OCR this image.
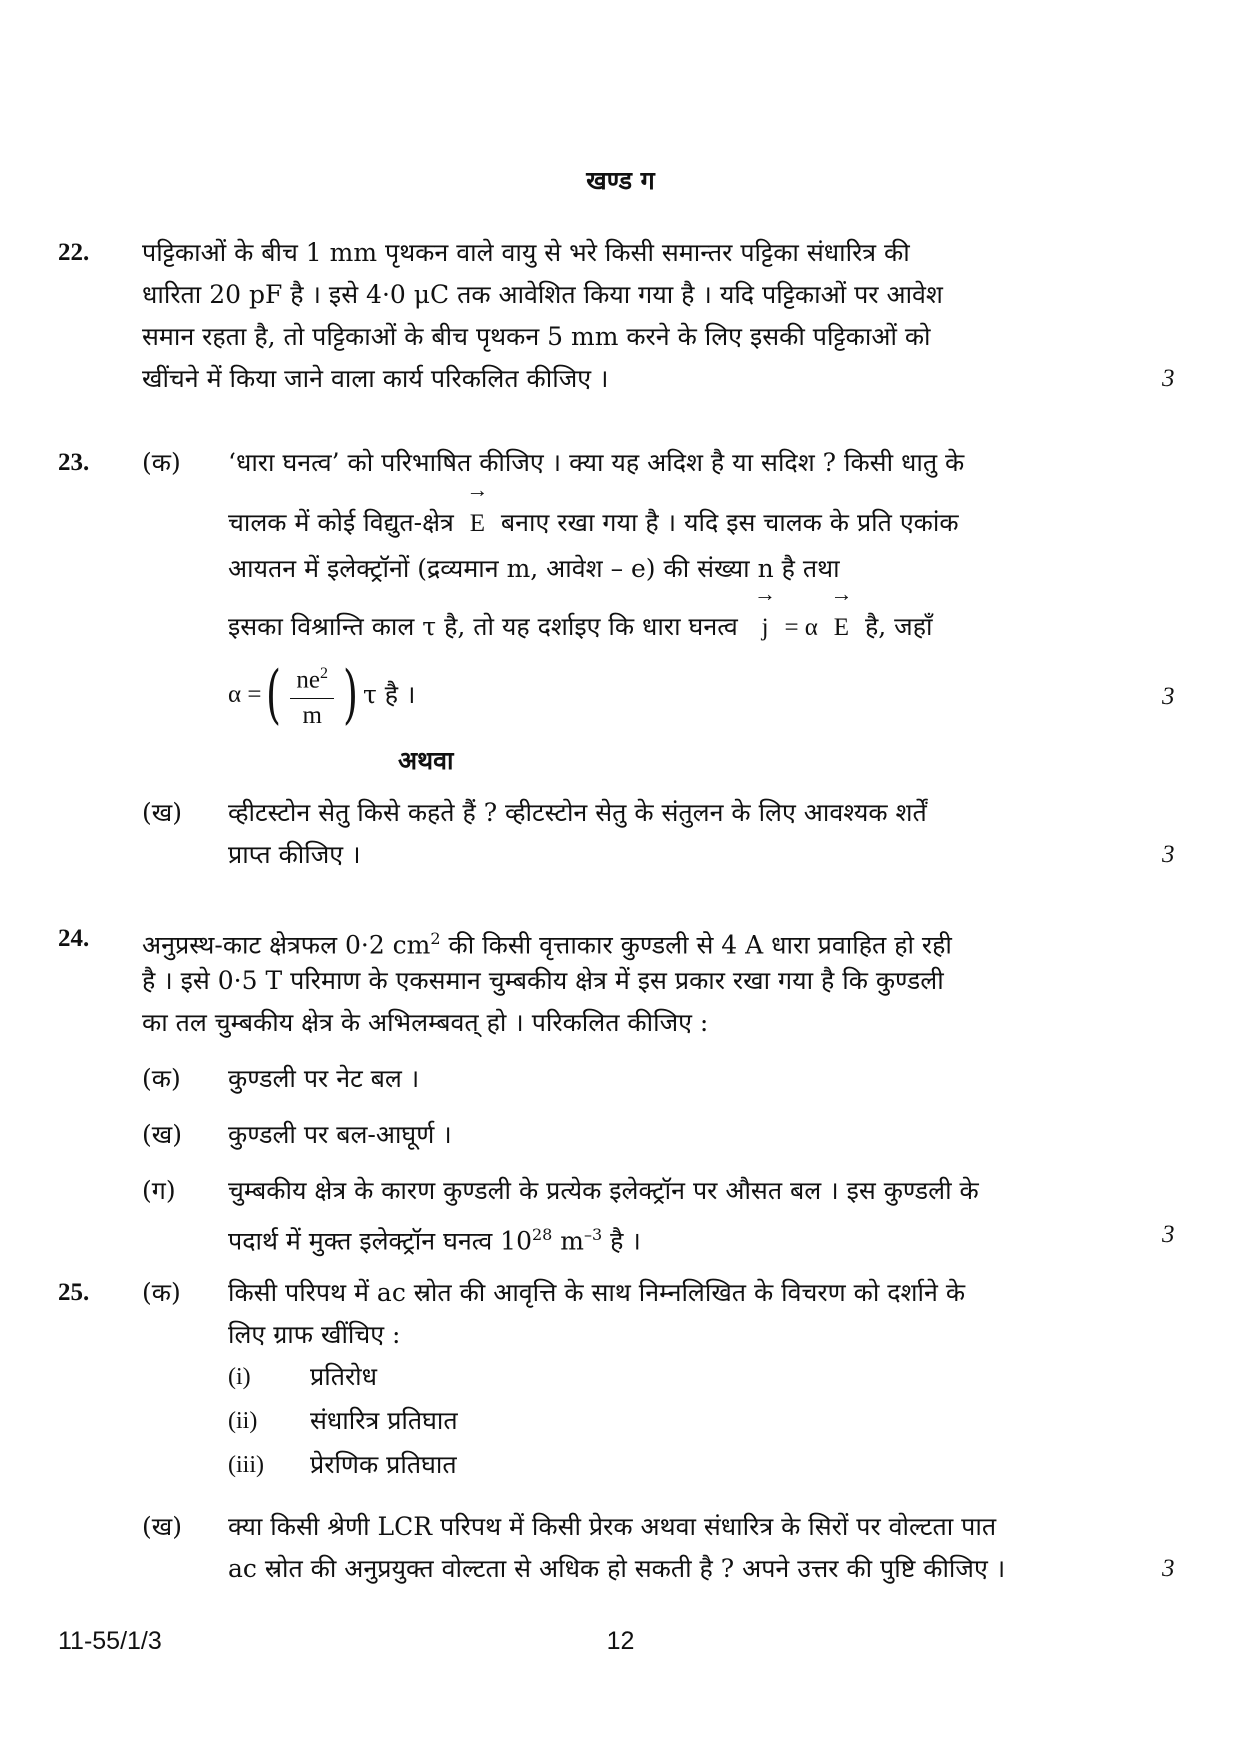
खण्ड ग
22. पट्टिकाओं के बीच 1 mm पृथकन वाले वायु से भरे किसी समान्तर पट्टिका संधारित्र की
धारिता 20 pF है । इसे 4·0 μC तक आवेशित किया गया है । यदि पट्टिकाओं पर आवेश
समान रहता है, तो पट्टिकाओं के बीच पृथकन 5 mm करने के लिए इसकी पट्टिकाओं को
खींचने में किया जाने वाला कार्य परिकलित कीजिए ।	3
23. (क) ‘धारा घनत्व’ को परिभाषित कीजिए । क्या यह अदिश है या सदिश ? किसी धातु के
चालक में कोई विद्युत-क्षेत्र → E बनाए रखा गया है । यदि इस चालक के प्रति एकांक
आयतन में इलेक्ट्रॉनों (द्रव्यमान m, आवेश – e) की संख्या n है तथा
इसका विश्रान्ति काल τ है, तो यह दर्शाइए कि धारा घनत्व → j = α → E है, जहाँ
α = ( $\frac{ne^2}{m}$ ) τ है ।	3
अथवा
(ख) व्हीटस्टोन सेतु किसे कहते हैं ? व्हीटस्टोन सेतु के संतुलन के लिए आवश्यक शर्तें
प्राप्त कीजिए ।	3
24. अनुप्रस्थ-काट क्षेत्रफल 0·2 $cm^2$ की किसी वृत्ताकार कुण्डली से 4 A धारा प्रवाहित हो रही
है । इसे 0·5 T परिमाण के एकसमान चुम्बकीय क्षेत्र में इस प्रकार रखा गया है कि कुण्डली
का तल चुम्बकीय क्षेत्र के अभिलम्बवत् हो । परिकलित कीजिए :
(क) कुण्डली पर नेट बल ।
(ख) कुण्डली पर बल-आघूर्ण ।
(ग) चुम्बकीय क्षेत्र के कारण कुण्डली के प्रत्येक इलेक्ट्रॉन पर औसत बल । इस कुण्डली के
पदार्थ में मुक्त इलेक्ट्रॉन घनत्व $10^{28}$ $m^{-3}$ है ।	3
25. (क) किसी परिपथ में ac स्रोत की आवृत्ति के साथ निम्नलिखित के विचरण को दर्शाने के
लिए ग्राफ खींचिए :
(i) प्रतिरोध
(ii) संधारित्र प्रतिघात
(iii) प्रेरणिक प्रतिघात
(ख) क्या किसी श्रेणी LCR परिपथ में किसी प्रेरक अथवा संधारित्र के सिरों पर वोल्टता पात
ac स्रोत की अनुप्रयुक्त वोल्टता से अधिक हो सकती है ? अपने उत्तर की पुष्टि कीजिए ।	3
11-55/1/3	12
